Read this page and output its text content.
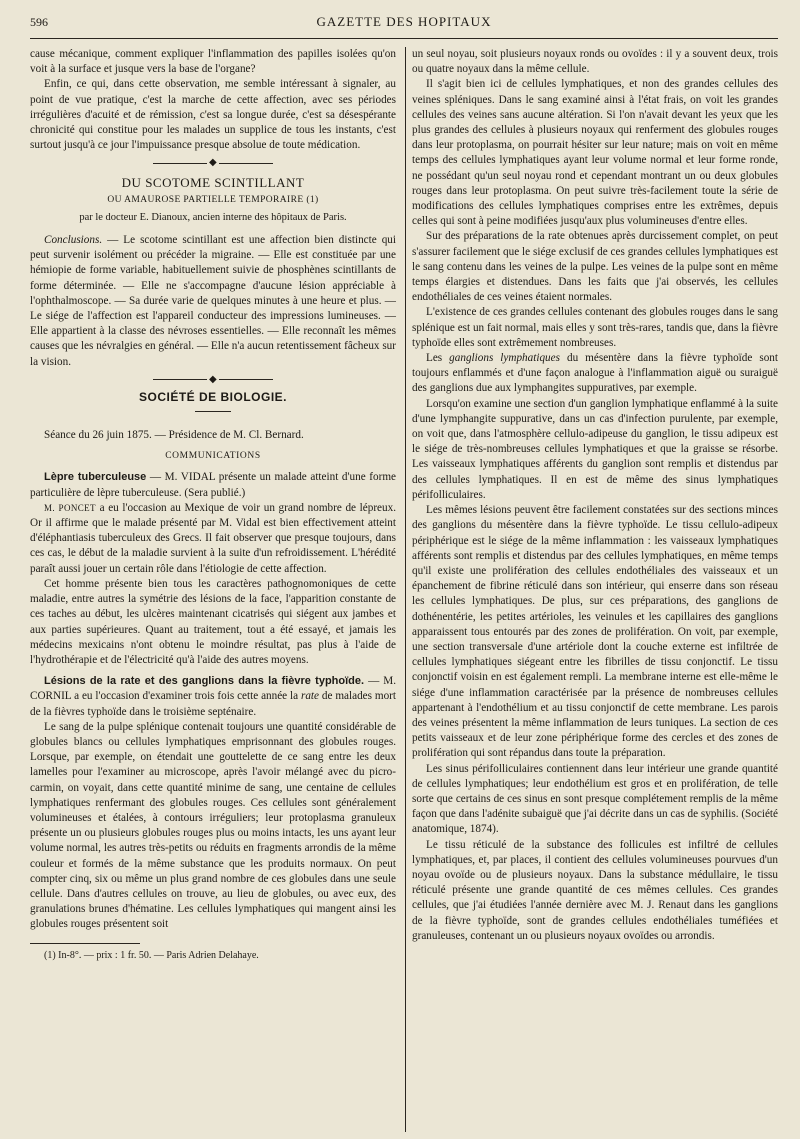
596	GAZETTE DES HOPITAUX

cause mécanique, comment expliquer l'inflammation des papilles isolées qu'on voit à la surface et jusque vers la base de l'organe?

Enfin, ce qui, dans cette observation, me semble intéressant à signaler, au point de vue pratique, c'est la marche de cette affection, avec ses périodes irrégulières d'acuité et de rémission, c'est sa longue durée, c'est sa désespérante chronicité qui constitue pour les malades un supplice de tous les instants, c'est surtout jusqu'à ce jour l'impuissance presque absolue de toute médication.

◆
DU SCOTOME SCINTILLANT
OU AMAUROSE PARTIELLE TEMPORAIRE (1)
par le docteur E. Dianoux, ancien interne des hôpitaux de Paris.

Conclusions. — Le scotome scintillant est une affection bien distincte qui peut survenir isolément ou précéder la migraine. — Elle est constituée par une hémiopie de forme variable, habituellement suivie de phosphènes scintillants de forme déterminée. — Elle ne s'accompagne d'aucune lésion appréciable à l'ophthalmoscope. — Sa durée varie de quelques minutes à une heure et plus. — Le siége de l'affection est l'appareil conducteur des impressions lumineuses. — Elle appartient à la classe des névroses essentielles. — Elle reconnaît les mêmes causes que les névralgies en général. — Elle n'a aucun retentissement fâcheux sur la vision.

◆
SOCIÉTÉ DE BIOLOGIE.

Séance du 26 juin 1875. — Présidence de M. Cl. Bernard.

COMMUNICATIONS

Lèpre tuberculeuse — M. VIDAL présente un malade atteint d'une forme particulière de lèpre tuberculeuse. (Sera publié.)

M. PONCET a eu l'occasion au Mexique de voir un grand nombre de lépreux. Or il affirme que le malade présenté par M. Vidal est bien effectivement atteint d'éléphantiasis tuberculeux des Grecs. Il fait observer que presque toujours, dans ces cas, le début de la maladie survient à la suite d'un refroidissement. L'hérédité paraît aussi jouer un certain rôle dans l'étiologie de cette affection.

Cet homme présente bien tous les caractères pathognomoniques de cette maladie, entre autres la symétrie des lésions de la face, l'apparition constante de ces taches au début, les ulcères maintenant cicatrisés qui siégent aux jambes et aux parties supérieures. Quant au traitement, tout a été essayé, et jamais les médecins mexicains n'ont obtenu le moindre résultat, pas plus à l'aide de l'hydrothérapie et de l'électricité qu'à l'aide des autres moyens.

Lésions de la rate et des ganglions dans la fièvre typhoïde. — M. CORNIL a eu l'occasion d'examiner trois fois cette année la rate de malades mort de la fièvres typhoïde dans le troisième septénaire.

Le sang de la pulpe splénique contenait toujours une quantité considérable de globules blancs ou cellules lymphatiques emprisonnant des globules rouges. Lorsque, par exemple, on étendait une gouttelette de ce sang entre les deux lamelles pour l'examiner au microscope, après l'avoir mélangé avec du picro-carmin, on voyait, dans cette quantité minime de sang, une centaine de cellules lymphatiques renfermant des globules rouges. Ces cellules sont généralement volumineuses et étalées, à contours irréguliers; leur protoplasma granuleux présente un ou plusieurs globules rouges plus ou moins intacts, les uns ayant leur volume normal, les autres très-petits ou réduits en fragments arrondis de la même couleur et formés de la même substance que les produits normaux. On peut compter cinq, six ou même un plus grand nombre de ces globules dans une seule cellule. Dans d'autres cellules on trouve, au lieu de globules, ou avec eux, des granulations brunes d'hématine. Les cellules lymphatiques qui mangent ainsi les globules rouges présentent soit

(1) In-8°. — prix : 1 fr. 50. — Paris Adrien Delahaye.

un seul noyau, soit plusieurs noyaux ronds ou ovoïdes : il y a souvent deux, trois ou quatre noyaux dans la même cellule.

Il s'agit bien ici de cellules lymphatiques, et non des grandes cellules des veines spléniques. Dans le sang examiné ainsi à l'état frais, on voit les grandes cellules des veines sans aucune altération. Si l'on n'avait devant les yeux que les plus grandes des cellules à plusieurs noyaux qui renferment des globules rouges dans leur protoplasma, on pourrait hésiter sur leur nature; mais on voit en même temps des cellules lymphatiques ayant leur volume normal et leur forme ronde, ne possédant qu'un seul noyau rond et cependant montrant un ou deux globules rouges dans leur protoplasma. On peut suivre très-facilement toute la série de modifications des cellules lymphatiques comprises entre les extrêmes, depuis celles qui sont à peine modifiées jusqu'aux plus volumineuses d'entre elles.

Sur des préparations de la rate obtenues après durcissement complet, on peut s'assurer facilement que le siége exclusif de ces grandes cellules lymphatiques est le sang contenu dans les veines de la pulpe. Les veines de la pulpe sont en même temps élargies et distendues. Dans les faits que j'ai observés, les cellules endothéliales de ces veines étaient normales.

L'existence de ces grandes cellules contenant des globules rouges dans le sang splénique est un fait normal, mais elles y sont très-rares, tandis que, dans la fièvre typhoïde elles sont extrêmement nombreuses.

Les ganglions lymphatiques du mésentère dans la fièvre typhoïde sont toujours enflammés et d'une façon analogue à l'inflammation aiguë ou suraiguë des ganglions due aux lymphangites suppuratives, par exemple.

Lorsqu'on examine une section d'un ganglion lymphatique enflammé à la suite d'une lymphangite suppurative, dans un cas d'infection purulente, par exemple, on voit que, dans l'atmosphère cellulo-adipeuse du ganglion, le tissu adipeux est le siége de très-nombreuses cellules lymphatiques et que la graisse se résorbe. Les vaisseaux lymphatiques afférents du ganglion sont remplis et distendus par des cellules lymphatiques. Il en est de même des sinus lymphatiques périfolliculaires.

Les mêmes lésions peuvent être facilement constatées sur des sections minces des ganglions du mésentère dans la fièvre typhoïde. Le tissu cellulo-adipeux périphérique est le siége de la même inflammation : les vaisseaux lymphatiques afférents sont remplis et distendus par des cellules lymphatiques, en même temps qu'il existe une prolifération des cellules endothéliales des vaisseaux et un épanchement de fibrine réticulé dans son intérieur, qui enserre dans son réseau les cellules lymphatiques. De plus, sur ces préparations, des ganglions de dothénentérie, les petites artérioles, les veinules et les capillaires des ganglions apparaissent tous entourés par des zones de prolifération. On voit, par exemple, une section transversale d'une artériole dont la couche externe est infiltrée de cellules lymphatiques siégeant entre les fibrilles de tissu conjonctif. Le tissu conjonctif voisin en est également rempli. La membrane interne est elle-même le siége d'une inflammation caractérisée par la présence de nombreuses cellules appartenant à l'endothélium et au tissu conjonctif de cette membrane. Les parois des veines présentent la même inflammation de leurs tuniques. La section de ces petits vaisseaux et de leur zone périphérique forme des cercles et des zones de prolifération qui sont répandus dans toute la préparation.

Les sinus périfolliculaires contiennent dans leur intérieur une grande quantité de cellules lymphatiques; leur endothélium est gros et en prolifération, de telle sorte que certains de ces sinus en sont presque complétement remplis de la même façon que dans l'adénite subaiguë que j'ai décrite dans un cas de syphilis. (Société anatomique, 1874).

Le tissu réticulé de la substance des follicules est infiltré de cellules lymphatiques, et, par places, il contient des cellules volumineuses pourvues d'un noyau ovoïde ou de plusieurs noyaux. Dans la substance médullaire, le tissu réticulé présente une grande quantité de ces mêmes cellules. Ces grandes cellules, que j'ai étudiées l'année dernière avec M. J. Renaut dans les ganglions de la fièvre typhoïde, sont de grandes cellules endothéliales tuméfiées et granuleuses, contenant un ou plusieurs noyaux ovoïdes ou arrondis.
